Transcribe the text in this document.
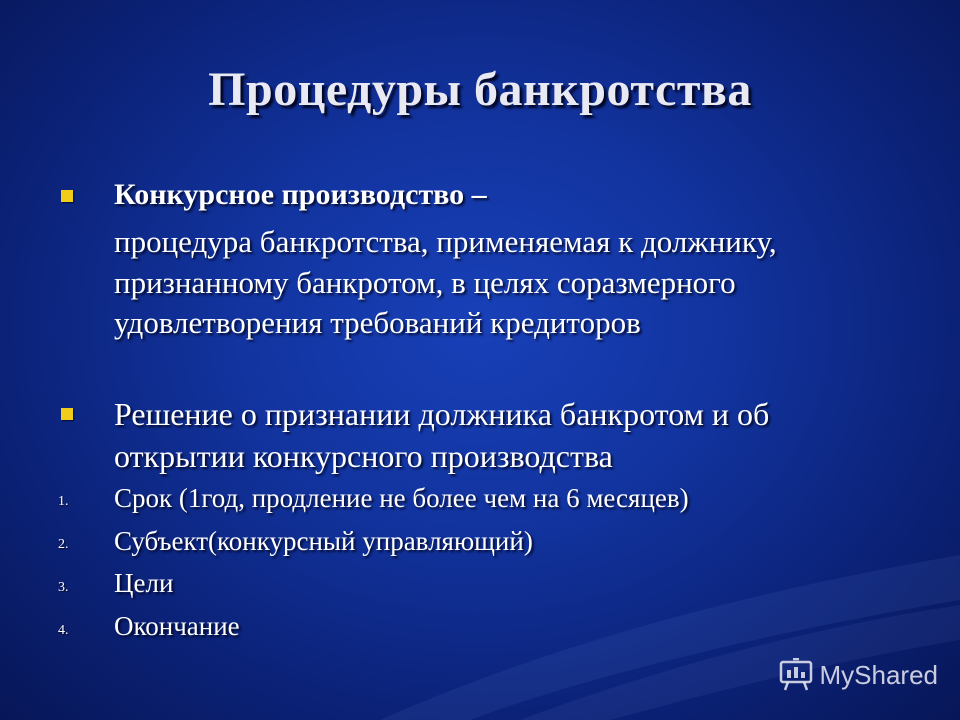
Процедуры банкротства
Конкурсное производство –
процедура банкротства, применяемая к должнику, признанному банкротом, в целях соразмерного удовлетворения требований кредиторов
Решение о признании должника банкротом и об открытии конкурсного производства
1. Срок (1год, продление не более чем на 6 месяцев)
2. Субъект(конкурсный управляющий)
3. Цели
4. Окончание
MyShared
